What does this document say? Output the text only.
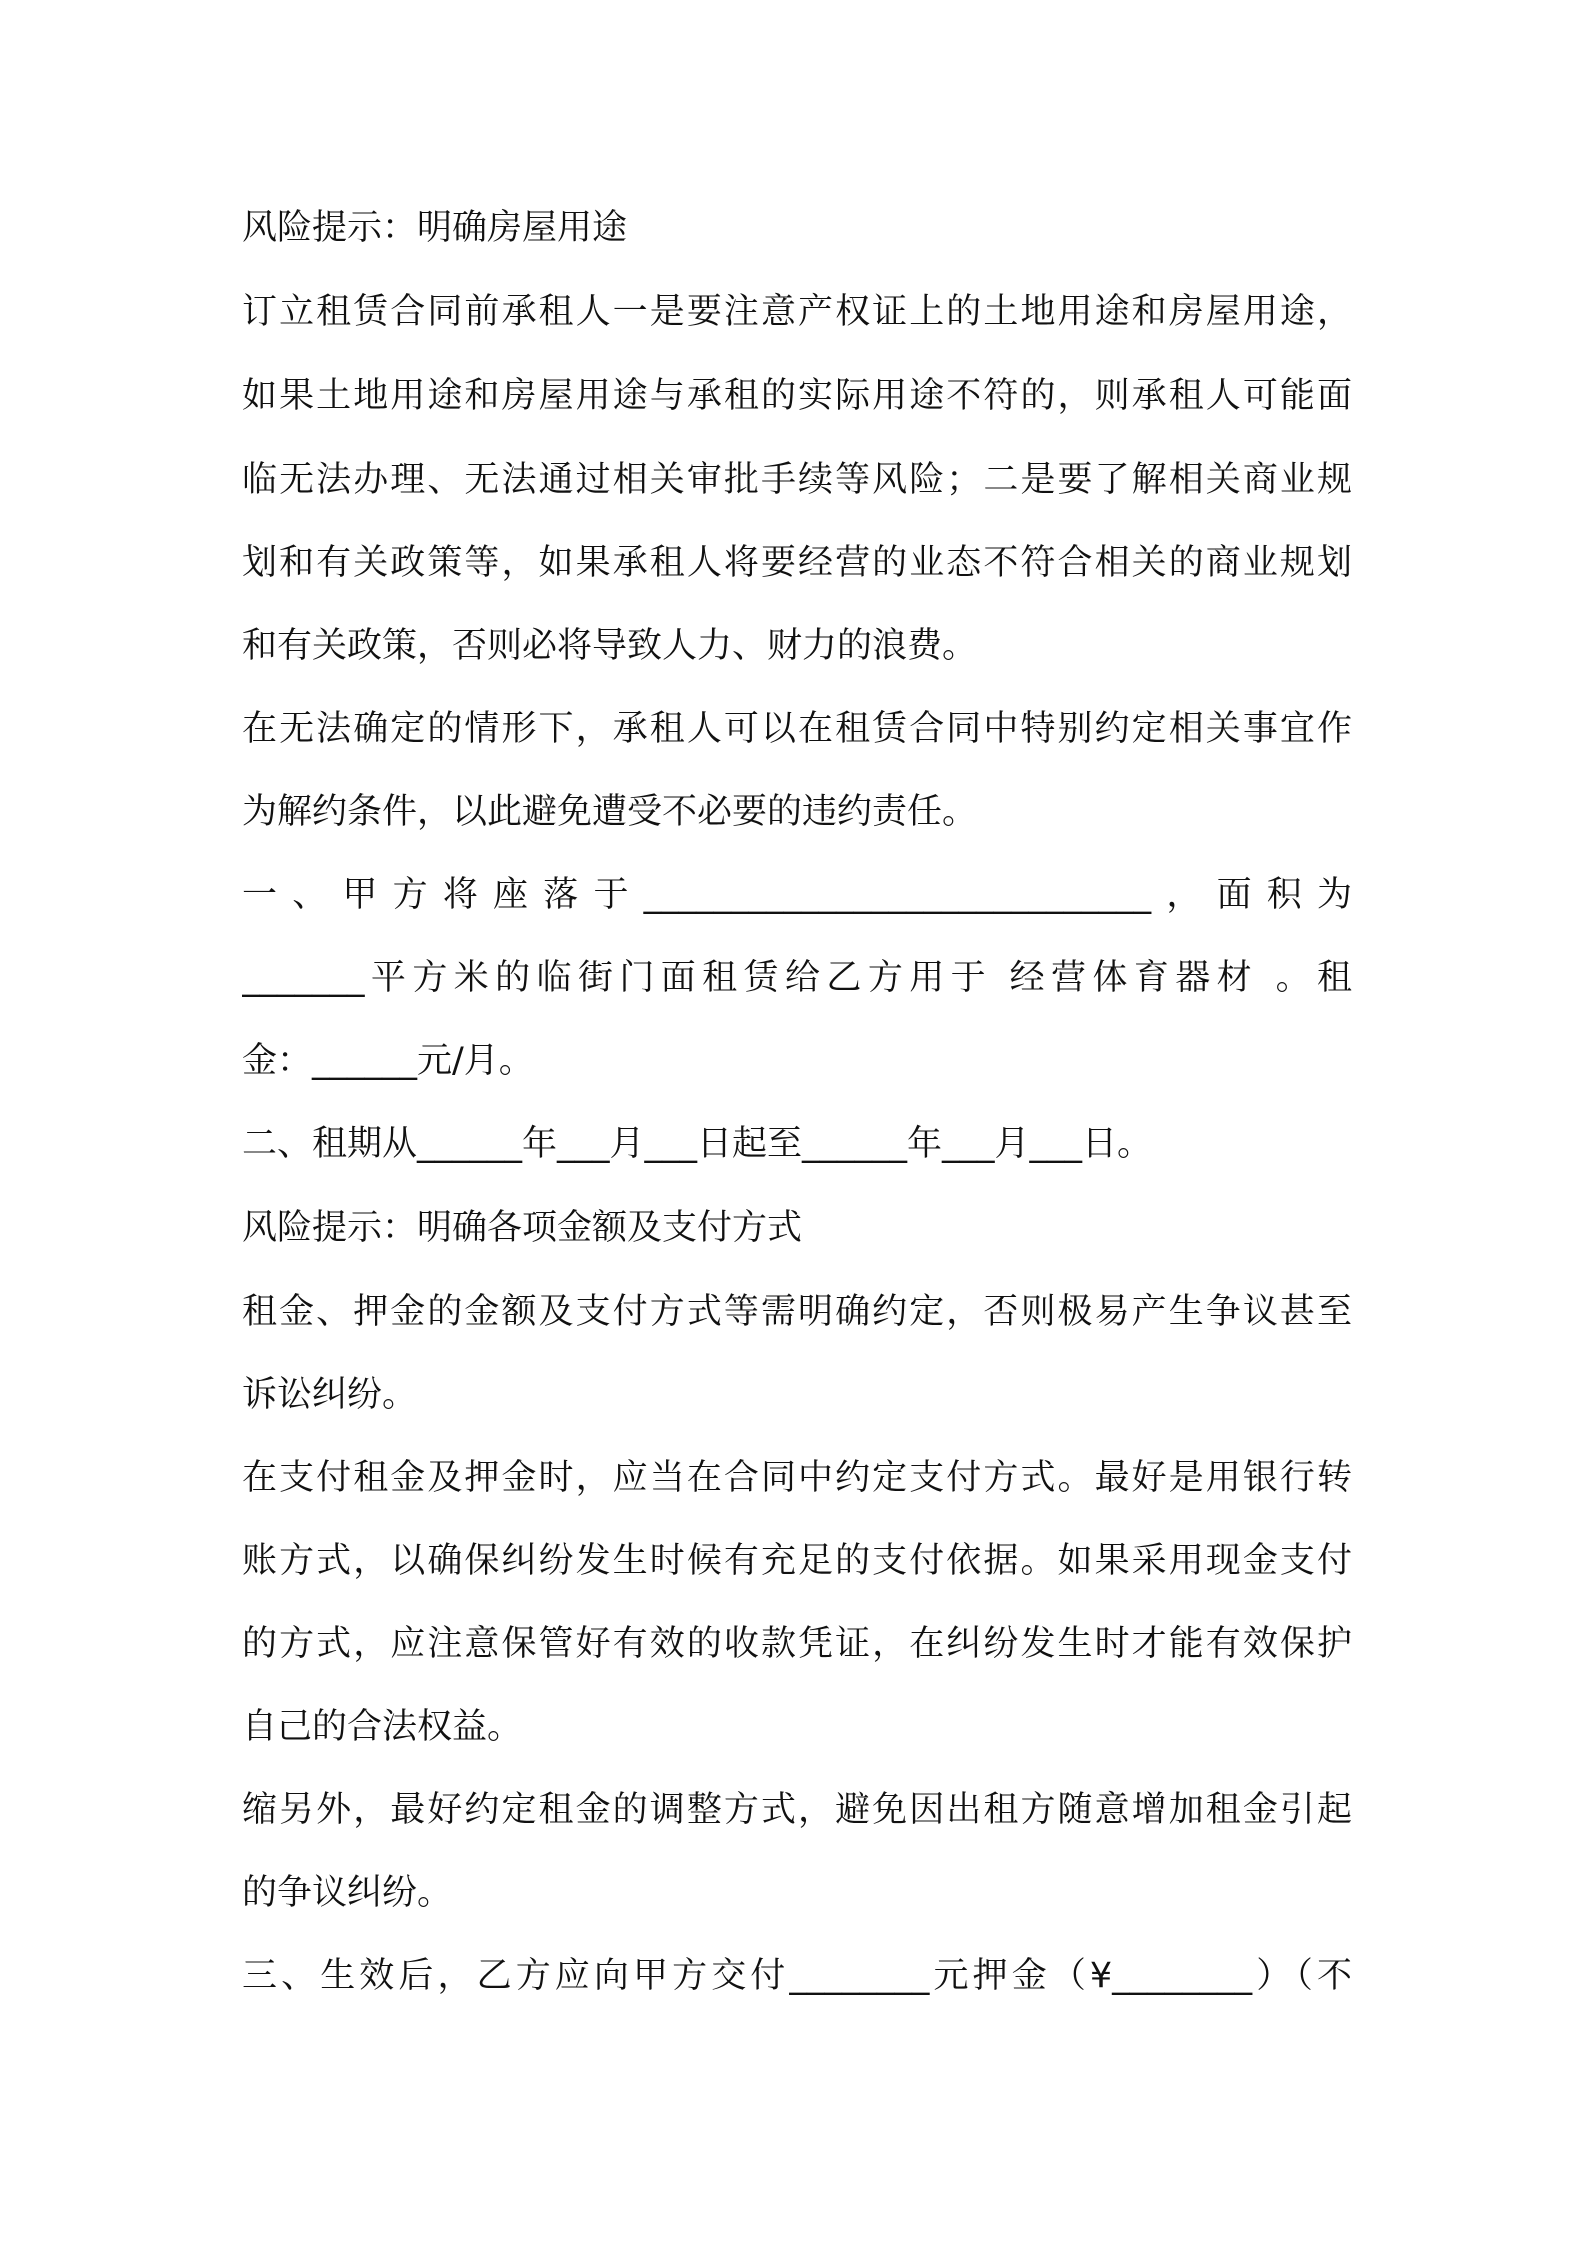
风险提示：明确房屋用途
订立租赁合同前承租人一是要注意产权证上的土地用途和房屋用途，
如果土地用途和房屋用途与承租的实际用途不符的，则承租人可能面
临无法办理、无法通过相关审批手续等风险；二是要了解相关商业规
划和有关政策等，如果承租人将要经营的业态不符合相关的商业规划
和有关政策，否则必将导致人力、财力的浪费。
在无法确定的情形下，承租人可以在租赁合同中特别约定相关事宜作
为解约条件，以此避免遭受不必要的违约责任。
一、甲方将座落于_____________________________，面积为
_______平方米的临街门面租赁给乙方用于 经营体育器材 。租
金：______元/月。
二、租期从______年___月___日起至______年___月___日。
风险提示：明确各项金额及支付方式
租金、押金的金额及支付方式等需明确约定，否则极易产生争议甚至
诉讼纠纷。
在支付租金及押金时，应当在合同中约定支付方式。最好是用银行转
账方式，以确保纠纷发生时候有充足的支付依据。如果采用现金支付
的方式，应注意保管好有效的收款凭证，在纠纷发生时才能有效保护
自己的合法权益。
缩另外，最好约定租金的调整方式，避免因出租方随意增加租金引起
的争议纠纷。
三、生效后，乙方应向甲方交付________元押金（¥________）（不
